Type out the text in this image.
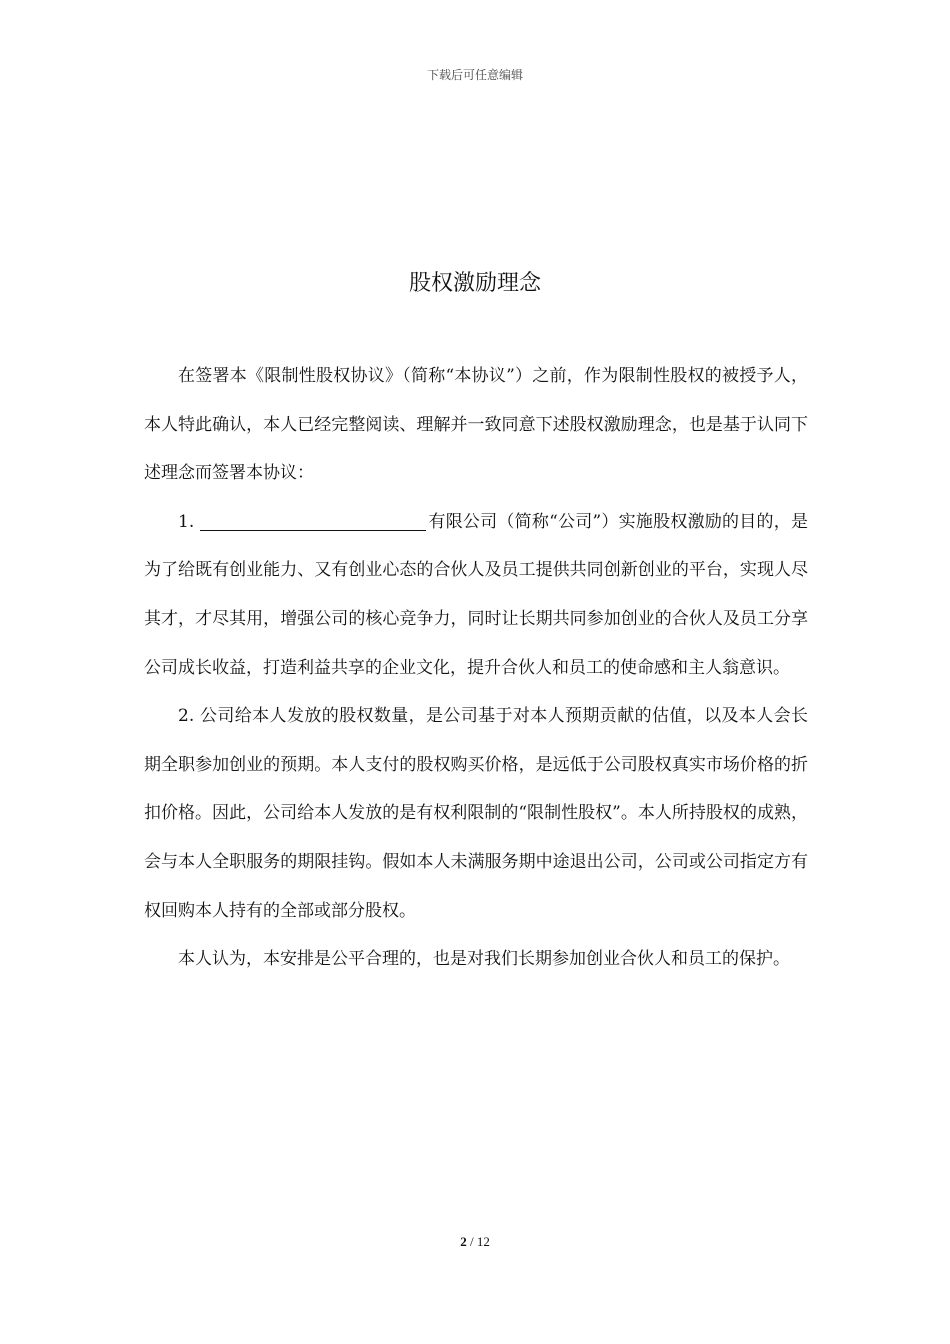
下载后可任意编辑
股权激励理念

在签署本《限制性股权协议》（简称“本协议”）之前，作为限制性股权的被授予人，本人特此确认，本人已经完整阅读、理解并一致同意下述股权激励理念，也是基于认同下述理念而签署本协议：

1.	有限公司（简称“公司”）实施股权激励的目的，是为了给既有创业能力、又有创业心态的合伙人及员工提供共同创新创业的平台，实现人尽其才，才尽其用，增强公司的核心竞争力，同时让长期共同参加创业的合伙人及员工分享公司成长收益，打造利益共享的企业文化，提升合伙人和员工的使命感和主人翁意识。

2. 公司给本人发放的股权数量，是公司基于对本人预期贡献的估值，以及本人会长期全职参加创业的预期。本人支付的股权购买价格，是远低于公司股权真实市场价格的折扣价格。因此，公司给本人发放的是有权利限制的“限制性股权”。本人所持股权的成熟，会与本人全职服务的期限挂钩。假如本人未满服务期中途退出公司，公司或公司指定方有权回购本人持有的全部或部分股权。

本人认为，本安排是公平合理的，也是对我们长期参加创业合伙人和员工的保护。

2 / 12
